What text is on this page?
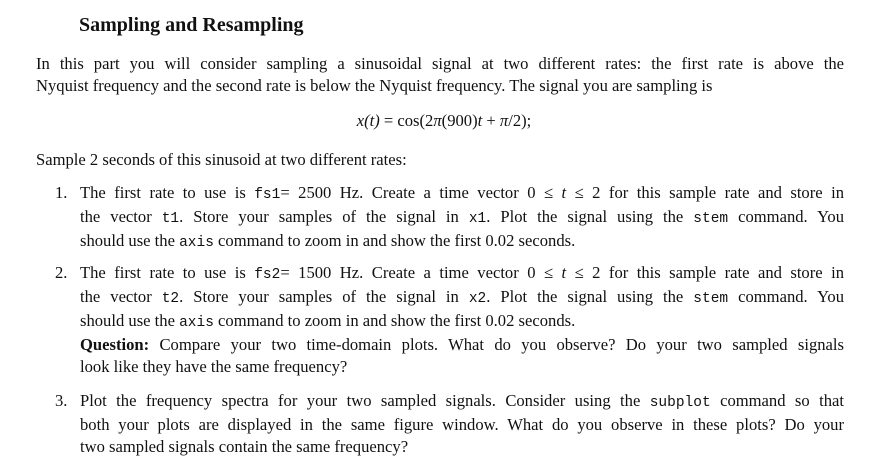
Sampling and Resampling
In this part you will consider sampling a sinusoidal signal at two different rates: the first rate is above the
Nyquist frequency and the second rate is below the Nyquist frequency. The signal you are sampling is
x(t) = cos(2π(900)t + π/2);

Sample 2 seconds of this sinusoid at two different rates:

1. The first rate to use is fs1= 2500 Hz. Create a time vector 0 ≤ t ≤ 2 for this sample rate and store in
the vector t1. Store your samples of the signal in x1. Plot the signal using the stem command. You
should use the axis command to zoom in and show the first 0.02 seconds.
2. The first rate to use is fs2= 1500 Hz. Create a time vector 0 ≤ t ≤ 2 for this sample rate and store in
the vector t2. Store your samples of the signal in x2. Plot the signal using the stem command. You
should use the axis command to zoom in and show the first 0.02 seconds.
Question: Compare your two time-domain plots. What do you observe? Do your two sampled signals
look like they have the same frequency?
3. Plot the frequency spectra for your two sampled signals. Consider using the subplot command so that
both your plots are displayed in the same figure window. What do you observe in these plots? Do your
two sampled signals contain the same frequency?
